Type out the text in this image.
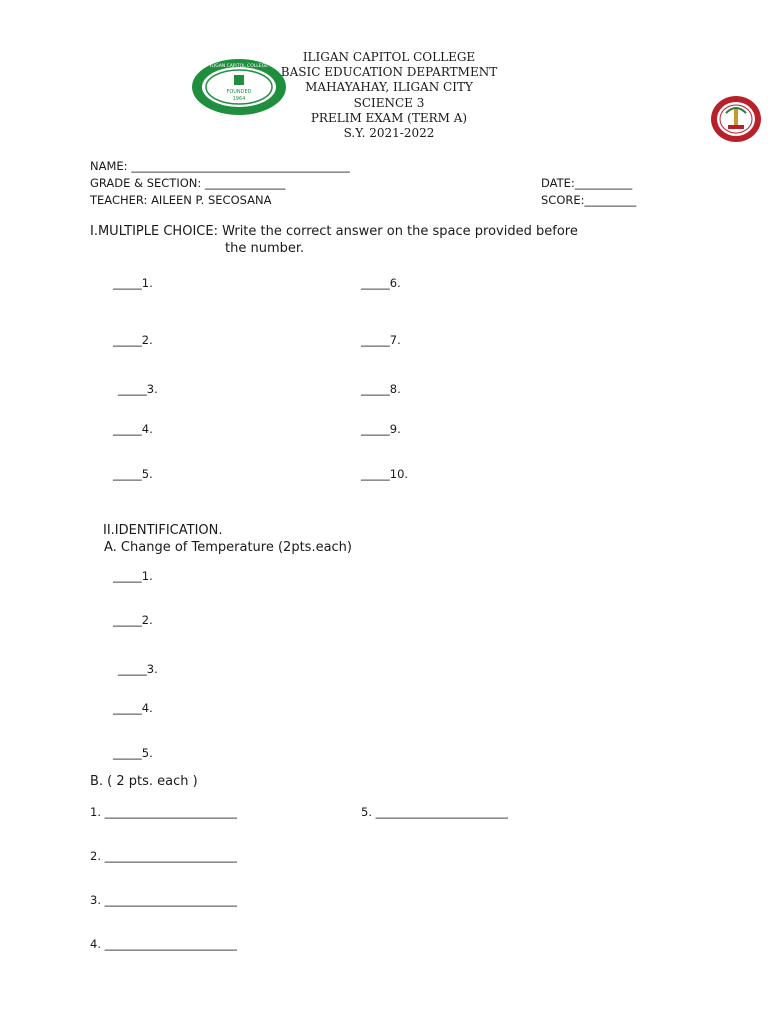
FOUNDED
1964
ILIGAN CAPITOL COLLEGE
ILIGAN CAPITOL COLLEGE
BASIC EDUCATION DEPARTMENT
MAHAYAHAY, ILIGAN CITY
SCIENCE 3
PRELIM EXAM (TERM A)
S.Y. 2021-2022
NAME: ______________________________________
GRADE & SECTION: ______________	DATE:__________
TEACHER: AILEEN P. SECOSANA	SCORE:_________
I.MULTIPLE CHOICE: Write the correct answer on the space provided before
the number.
_____1.
_____2.
_____3.
_____4.
_____5.
_____6.
_____7.
_____8.
_____9.
_____10.
II.IDENTIFICATION.
A. Change of Temperature (2pts.each)
_____1.
_____2.
_____3.
_____4.
_____5.
B. ( 2 pts. each )
1. _______________________
2. _______________________
3. _______________________
4. _______________________
5. _______________________
